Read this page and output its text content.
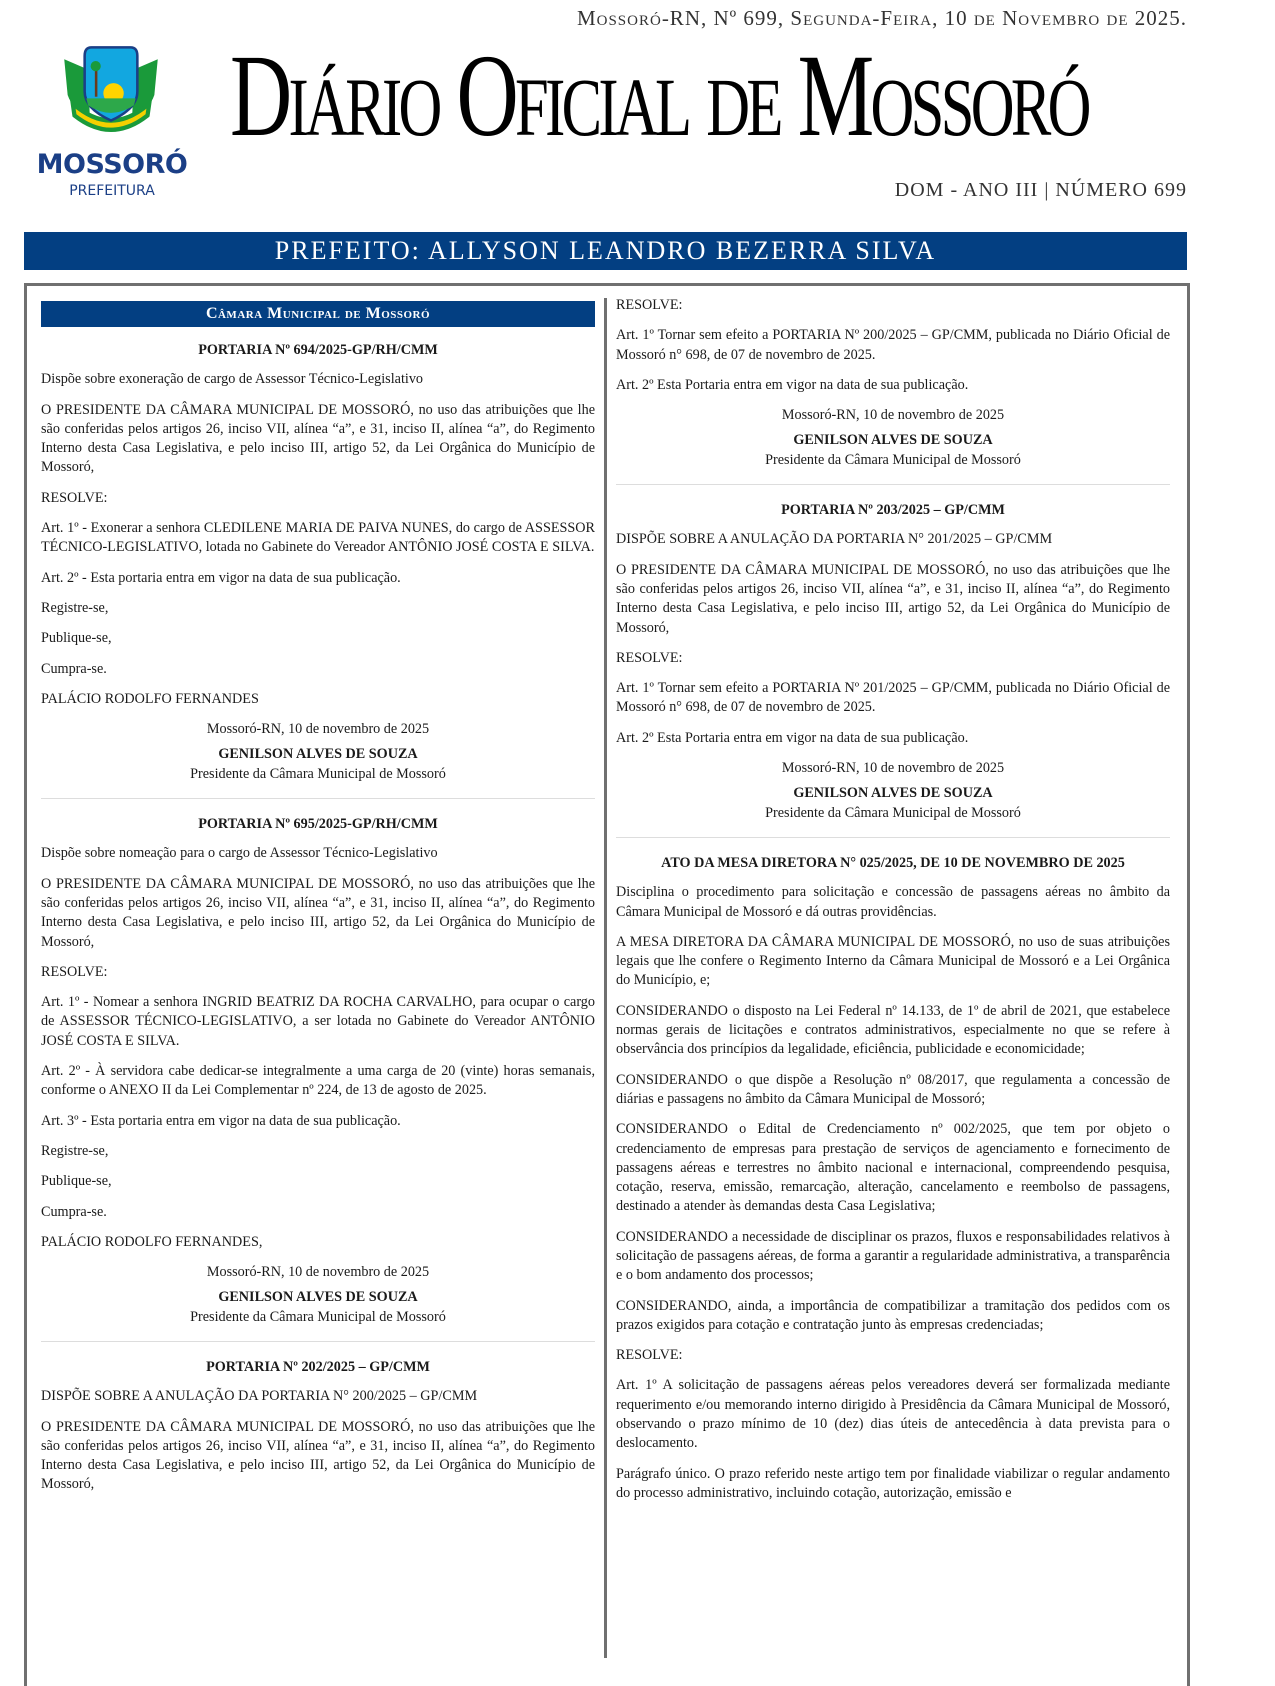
Mossoró-RN, Nº 699, Segunda-Feira, 10 de Novembro de 2025.
MOSSORÓ
PREFEITURA
Diário Oficial de Mossoró
DOM - ANO III | NÚMERO 699
PREFEITO: ALLYSON LEANDRO BEZERRA SILVA
Câmara Municipal de Mossoró
PORTARIA Nº 694/2025-GP/RH/CMM
Dispõe sobre exoneração de cargo de Assessor Técnico-Legislativo
O PRESIDENTE DA CÂMARA MUNICIPAL DE MOSSORÓ, no uso das atribuições que lhe são conferidas pelos artigos 26, inciso VII, alínea “a”, e 31, inciso II, alínea “a”, do Regimento Interno desta Casa Legislativa, e pelo inciso III, artigo 52, da Lei Orgânica do Município de Mossoró,
RESOLVE:
Art. 1º - Exonerar a senhora CLEDILENE MARIA DE PAIVA NUNES, do cargo de ASSESSOR TÉCNICO-LEGISLATIVO, lotada no Gabinete do Vereador ANTÔNIO JOSÉ COSTA E SILVA.
Art. 2º - Esta portaria entra em vigor na data de sua publicação.
Registre-se,
Publique-se,
Cumpra-se.
PALÁCIO RODOLFO FERNANDES
Mossoró-RN, 10 de novembro de 2025
GENILSON ALVES DE SOUZA
Presidente da Câmara Municipal de Mossoró
PORTARIA Nº 695/2025-GP/RH/CMM
Dispõe sobre nomeação para o cargo de Assessor Técnico-Legislativo
O PRESIDENTE DA CÂMARA MUNICIPAL DE MOSSORÓ, no uso das atribuições que lhe são conferidas pelos artigos 26, inciso VII, alínea “a”, e 31, inciso II, alínea “a”, do Regimento Interno desta Casa Legislativa, e pelo inciso III, artigo 52, da Lei Orgânica do Município de Mossoró,
RESOLVE:
Art. 1º - Nomear a senhora INGRID BEATRIZ DA ROCHA CARVALHO, para ocupar o cargo de ASSESSOR TÉCNICO-LEGISLATIVO, a ser lotada no Gabinete do Vereador ANTÔNIO JOSÉ COSTA E SILVA.
Art. 2º - À servidora cabe dedicar-se integralmente a uma carga de 20 (vinte) horas semanais, conforme o ANEXO II da Lei Complementar nº 224, de 13 de agosto de 2025.
Art. 3º - Esta portaria entra em vigor na data de sua publicação.
Registre-se,
Publique-se,
Cumpra-se.
PALÁCIO RODOLFO FERNANDES,
Mossoró-RN, 10 de novembro de 2025
GENILSON ALVES DE SOUZA
Presidente da Câmara Municipal de Mossoró
PORTARIA Nº 202/2025 – GP/CMM
DISPÕE SOBRE A ANULAÇÃO DA PORTARIA N° 200/2025 – GP/CMM
O PRESIDENTE DA CÂMARA MUNICIPAL DE MOSSORÓ, no uso das atribuições que lhe são conferidas pelos artigos 26, inciso VII, alínea “a”, e 31, inciso II, alínea “a”, do Regimento Interno desta Casa Legislativa, e pelo inciso III, artigo 52, da Lei Orgânica do Município de Mossoró,
RESOLVE:
Art. 1º Tornar sem efeito a PORTARIA Nº 200/2025 – GP/CMM, publicada no Diário Oficial de Mossoró n° 698, de 07 de novembro de 2025.
Art. 2º Esta Portaria entra em vigor na data de sua publicação.
Mossoró-RN, 10 de novembro de 2025
GENILSON ALVES DE SOUZA
Presidente da Câmara Municipal de Mossoró
PORTARIA Nº 203/2025 – GP/CMM
DISPÕE SOBRE A ANULAÇÃO DA PORTARIA N° 201/2025 – GP/CMM
O PRESIDENTE DA CÂMARA MUNICIPAL DE MOSSORÓ, no uso das atribuições que lhe são conferidas pelos artigos 26, inciso VII, alínea “a”, e 31, inciso II, alínea “a”, do Regimento Interno desta Casa Legislativa, e pelo inciso III, artigo 52, da Lei Orgânica do Município de Mossoró,
RESOLVE:
Art. 1º Tornar sem efeito a PORTARIA Nº 201/2025 – GP/CMM, publicada no Diário Oficial de Mossoró n° 698, de 07 de novembro de 2025.
Art. 2º Esta Portaria entra em vigor na data de sua publicação.
Mossoró-RN, 10 de novembro de 2025
GENILSON ALVES DE SOUZA
Presidente da Câmara Municipal de Mossoró
ATO DA MESA DIRETORA N° 025/2025, DE 10 DE NOVEMBRO DE 2025
Disciplina o procedimento para solicitação e concessão de passagens aéreas no âmbito da Câmara Municipal de Mossoró e dá outras providências.
A MESA DIRETORA DA CÂMARA MUNICIPAL DE MOSSORÓ, no uso de suas atribuições legais que lhe confere o Regimento Interno da Câmara Municipal de Mossoró e a Lei Orgânica do Município, e;
CONSIDERANDO o disposto na Lei Federal nº 14.133, de 1º de abril de 2021, que estabelece normas gerais de licitações e contratos administrativos, especialmente no que se refere à observância dos princípios da legalidade, eficiência, publicidade e economicidade;
CONSIDERANDO o que dispõe a Resolução nº 08/2017, que regulamenta a concessão de diárias e passagens no âmbito da Câmara Municipal de Mossoró;
CONSIDERANDO o Edital de Credenciamento nº 002/2025, que tem por objeto o credenciamento de empresas para prestação de serviços de agenciamento e fornecimento de passagens aéreas e terrestres no âmbito nacional e internacional, compreendendo pesquisa, cotação, reserva, emissão, remarcação, alteração, cancelamento e reembolso de passagens, destinado a atender às demandas desta Casa Legislativa;
CONSIDERANDO a necessidade de disciplinar os prazos, fluxos e responsabilidades relativos à solicitação de passagens aéreas, de forma a garantir a regularidade administrativa, a transparência e o bom andamento dos processos;
CONSIDERANDO, ainda, a importância de compatibilizar a tramitação dos pedidos com os prazos exigidos para cotação e contratação junto às empresas credenciadas;
RESOLVE:
Art. 1º A solicitação de passagens aéreas pelos vereadores deverá ser formalizada mediante requerimento e/ou memorando interno dirigido à Presidência da Câmara Municipal de Mossoró, observando o prazo mínimo de 10 (dez) dias úteis de antecedência à data prevista para o deslocamento.
Parágrafo único. O prazo referido neste artigo tem por finalidade viabilizar o regular andamento do processo administrativo, incluindo cotação, autorização, emissão e
